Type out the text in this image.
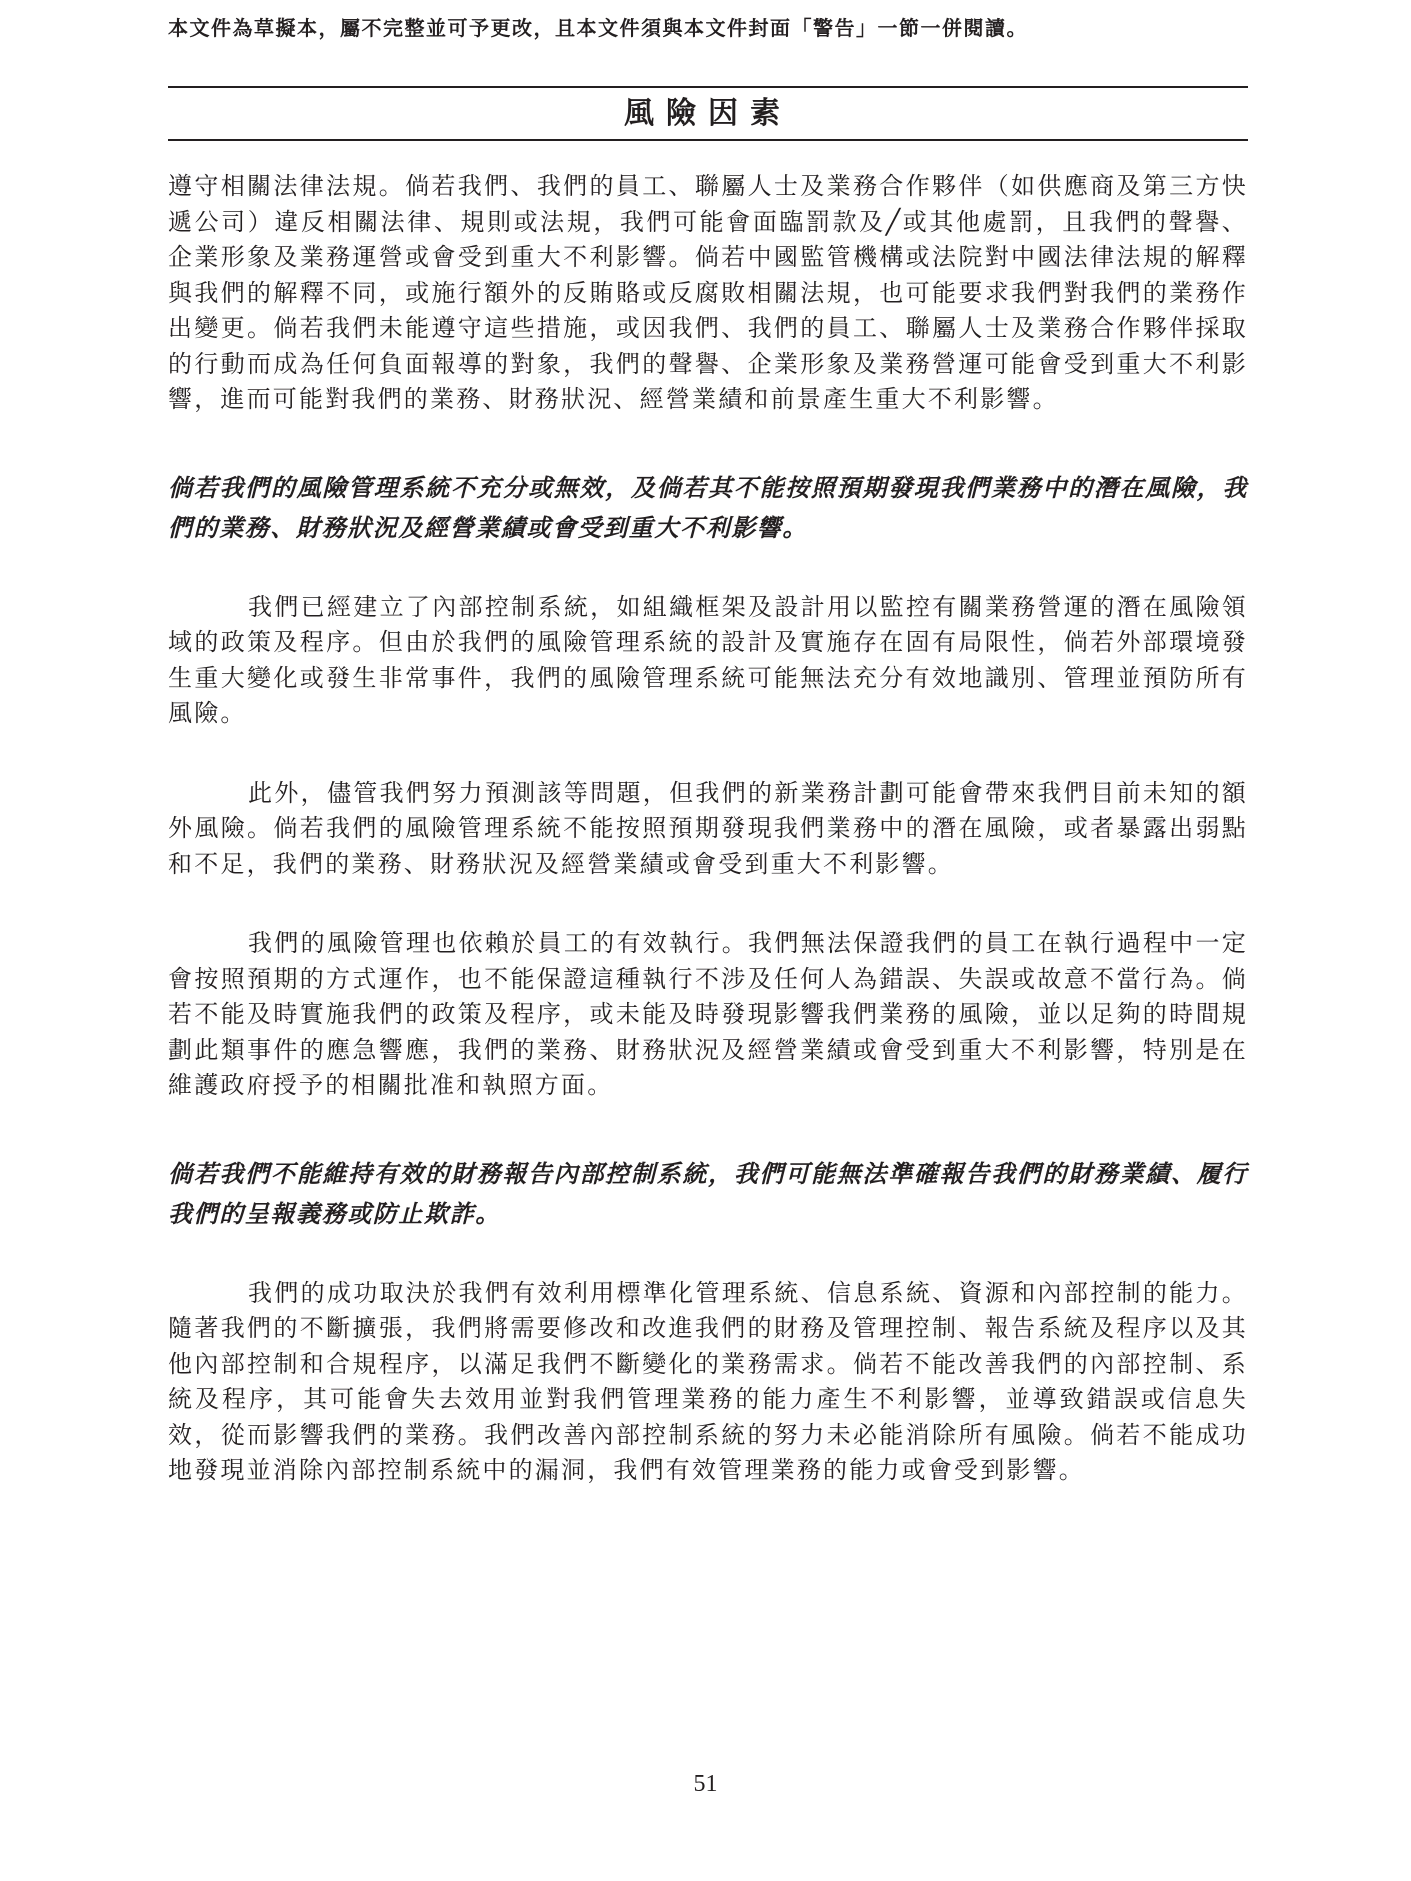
本文件為草擬本，屬不完整並可予更改，且本文件須與本文件封面「警告」一節一併閱讀。
風險因素

遵守相關法律法規。倘若我們、我們的員工、聯屬人士及業務合作夥伴（如供應商及第三方快遞公司）違反相關法律、規則或法規，我們可能會面臨罰款及╱或其他處罰，且我們的聲譽、企業形象及業務運營或會受到重大不利影響。倘若中國監管機構或法院對中國法律法規的解釋與我們的解釋不同，或施行額外的反賄賂或反腐敗相關法規，也可能要求我們對我們的業務作出變更。倘若我們未能遵守這些措施，或因我們、我們的員工、聯屬人士及業務合作夥伴採取的行動而成為任何負面報導的對象，我們的聲譽、企業形象及業務營運可能會受到重大不利影響，進而可能對我們的業務、財務狀況、經營業績和前景產生重大不利影響。

倘若我們的風險管理系統不充分或無效，及倘若其不能按照預期發現我們業務中的潛在風險，我們的業務、財務狀況及經營業績或會受到重大不利影響。

我們已經建立了內部控制系統，如組織框架及設計用以監控有關業務營運的潛在風險領域的政策及程序。但由於我們的風險管理系統的設計及實施存在固有局限性，倘若外部環境發生重大變化或發生非常事件，我們的風險管理系統可能無法充分有效地識別、管理並預防所有風險。

此外，儘管我們努力預測該等問題，但我們的新業務計劃可能會帶來我們目前未知的額外風險。倘若我們的風險管理系統不能按照預期發現我們業務中的潛在風險，或者暴露出弱點和不足，我們的業務、財務狀況及經營業績或會受到重大不利影響。

我們的風險管理也依賴於員工的有效執行。我們無法保證我們的員工在執行過程中一定會按照預期的方式運作，也不能保證這種執行不涉及任何人為錯誤、失誤或故意不當行為。倘若不能及時實施我們的政策及程序，或未能及時發現影響我們業務的風險，並以足夠的時間規劃此類事件的應急響應，我們的業務、財務狀況及經營業績或會受到重大不利影響，特別是在維護政府授予的相關批准和執照方面。

倘若我們不能維持有效的財務報告內部控制系統，我們可能無法準確報告我們的財務業績、履行我們的呈報義務或防止欺詐。

我們的成功取決於我們有效利用標準化管理系統、信息系統、資源和內部控制的能力。隨著我們的不斷擴張，我們將需要修改和改進我們的財務及管理控制、報告系統及程序以及其他內部控制和合規程序，以滿足我們不斷變化的業務需求。倘若不能改善我們的內部控制、系統及程序，其可能會失去效用並對我們管理業務的能力產生不利影響，並導致錯誤或信息失效，從而影響我們的業務。我們改善內部控制系統的努力未必能消除所有風險。倘若不能成功地發現並消除內部控制系統中的漏洞，我們有效管理業務的能力或會受到影響。

51
